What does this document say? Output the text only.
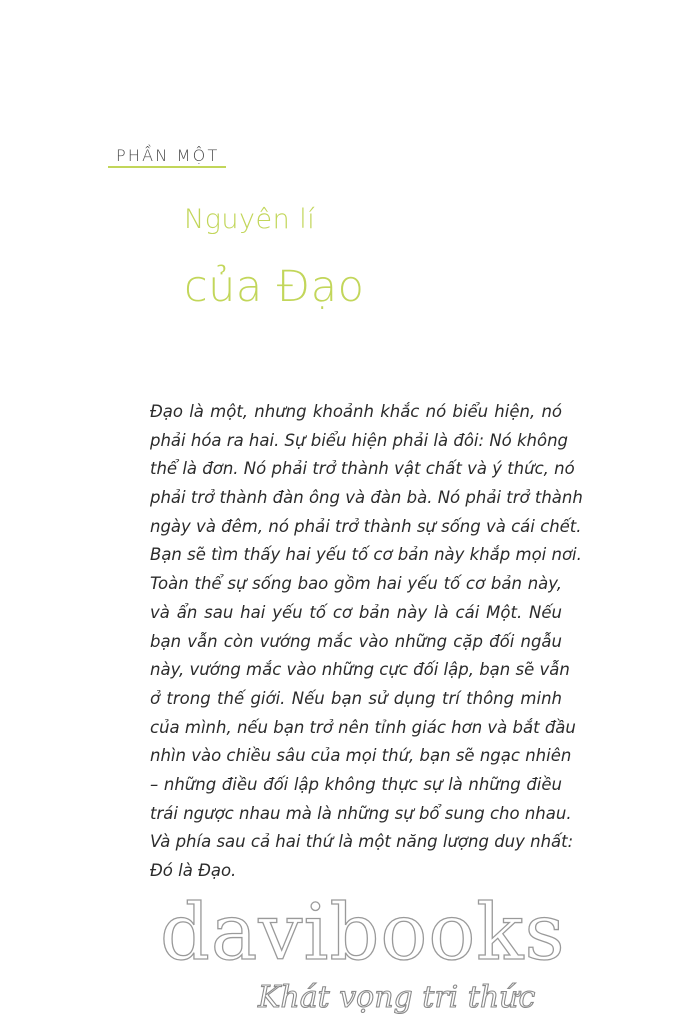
PHẦN MỘT
Nguyên lí
của Đạo
Đạo là một, nhưng khoảnh khắc nó biểu hiện, nó
phải hóa ra hai. Sự biểu hiện phải là đôi: Nó không
thể là đơn. Nó phải trở thành vật chất và ý thức, nó
phải trở thành đàn ông và đàn bà. Nó phải trở thành
ngày và đêm, nó phải trở thành sự sống và cái chết.
Bạn sẽ tìm thấy hai yếu tố cơ bản này khắp mọi nơi.
Toàn thể sự sống bao gồm hai yếu tố cơ bản này,
và ẩn sau hai yếu tố cơ bản này là cái Một. Nếu
bạn vẫn còn vướng mắc vào những cặp đối ngẫu
này, vướng mắc vào những cực đối lập, bạn sẽ vẫn
ở trong thế giới. Nếu bạn sử dụng trí thông minh
của mình, nếu bạn trở nên tỉnh giác hơn và bắt đầu
nhìn vào chiều sâu của mọi thứ, bạn sẽ ngạc nhiên
– những điều đối lập không thực sự là những điều
trái ngược nhau mà là những sự bổ sung cho nhau.
Và phía sau cả hai thứ là một năng lượng duy nhất:
Đó là Đạo.
davibooks
Khát vọng tri thức
